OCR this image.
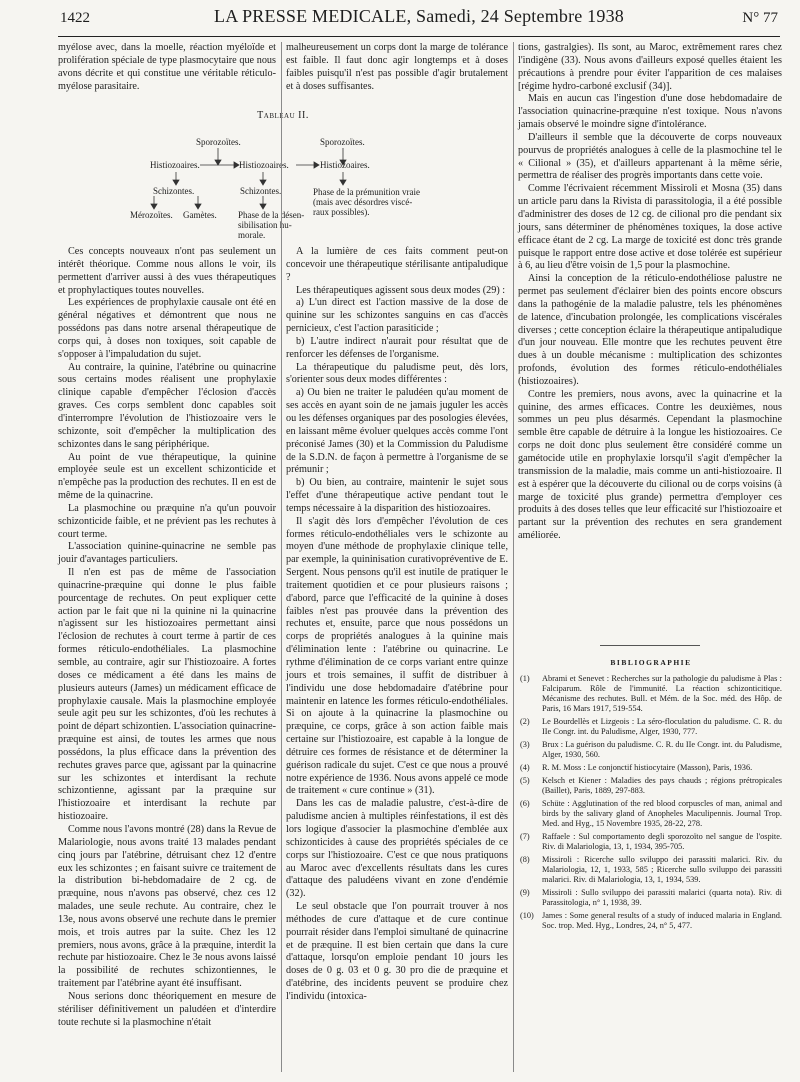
1422	LA PRESSE MEDICALE, Samedi, 24 Septembre 1938	N° 77

myélose avec, dans la moelle, réaction myéloïde et prolifération spéciale de type plasmocytaire que nous avons décrite et qui constitue une véritable réticulo-myélose parasitaire.

malheureusement un corps dont la marge de tolérance est faible. Il faut donc agir longtemps et à doses faibles puisqu'il n'est pas possible d'agir brutalement et à doses suffisantes.

Tableau II.
Sporozoïtes.	Sporozoïtes.
Histiozoaires.	Histiozoaires.	Histiozoaires.
Schizontes.	Schizontes.
Mérozoïtes. Gamètes. Phase de la désen-
sibilisation hu-
morale.
Phase de la prémunition vraie
(mais avec désordres viscé-
raux possibles).

Ces concepts nouveaux n'ont pas seulement un intérêt théorique. Comme nous allons le voir, ils permettent d'arriver aussi à des vues thérapeutiques et prophylactiques toutes nouvelles.

Les expériences de prophylaxie causale ont été en général négatives et démontrent que nous ne possédons pas dans notre arsenal thérapeutique de corps qui, à doses non toxiques, soit capable de s'opposer à l'impaludation du sujet.

Au contraire, la quinine, l'atébrine ou quinacrine sous certains modes réalisent une prophylaxie clinique capable d'empêcher l'éclosion d'accès graves. Ces corps semblent donc capables soit d'interrompre l'évolution de l'histiozoaire vers le schizonte, soit d'empêcher la multiplication des schizontes dans le sang périphérique.

Au point de vue thérapeutique, la quinine employée seule est un excellent schizonticide et n'empêche pas la production des rechutes. Il en est de même de la quinacrine.

La plasmochine ou præquine n'a qu'un pouvoir schizonticide faible, et ne prévient pas les rechutes à court terme.

L'association quinine-quinacrine ne semble pas jouir d'avantages particuliers.

Il n'en est pas de même de l'association quinacrine-præquine qui donne le plus faible pourcentage de rechutes. On peut expliquer cette action par le fait que ni la quinine ni la quinacrine n'agissent sur les histiozoaires permettant ainsi l'éclosion de rechutes à court terme à partir de ces formes réticulo-endothéliales. La plasmochine semble, au contraire, agir sur l'histiozoaire. A fortes doses ce médicament a été dans les mains de plusieurs auteurs (James) un médicament efficace de prophylaxie causale. Mais la plasmochine employée seule agit peu sur les schizontes, d'où les rechutes à point de départ schizontien. L'association quinacrine-præquine est ainsi, de toutes les armes que nous possédons, la plus efficace dans la prévention des rechutes graves parce que, agissant par la quinacrine sur les schizontes et interdisant la rechute schizontienne, agissant par la præquine sur l'histiozoaire et interdisant la rechute par histiozoaire.

Comme nous l'avons montré (28) dans la Revue de Malariologie, nous avons traité 13 malades pendant cinq jours par l'atébrine, détruisant chez 12 d'entre eux les schizontes ; en faisant suivre ce traitement de la distribution bi-hebdomadaire de 2 cg. de præquine, nous n'avons pas observé, chez ces 12 malades, une seule rechute. Au contraire, chez le 13e, nous avons observé une rechute dans le premier mois, et trois autres par la suite. Chez les 12 premiers, nous avons, grâce à la præquine, interdit la rechute par histiozoaire. Chez le 3e nous avons laissé la possibilité de rechutes schizontiennes, le traitement par l'atébrine ayant été insuffisant.

Nous serions donc théoriquement en mesure de stériliser définitivement un paludéen et d'interdire toute rechute si la plasmochine n'était

A la lumière de ces faits comment peut-on concevoir une thérapeutique stérilisante antipaludique ?

Les thérapeutiques agissent sous deux modes (29) :

a) L'un direct est l'action massive de la dose de quinine sur les schizontes sanguins en cas d'accès pernicieux, c'est l'action parasiticide ;

b) L'autre indirect n'aurait pour résultat que de renforcer les défenses de l'organisme.

La thérapeutique du paludisme peut, dès lors, s'orienter sous deux modes différentes :

a) Ou bien ne traiter le paludéen qu'au moment de ses accès en ayant soin de ne jamais juguler les accès ou les défenses organiques par des posologies élevées, en laissant même évoluer quelques accès comme l'ont préconisé James (30) et la Commission du Paludisme de la S.D.N. de façon à permettre à l'organisme de se prémunir ;

b) Ou bien, au contraire, maintenir le sujet sous l'effet d'une thérapeutique active pendant tout le temps nécessaire à la disparition des histiozoaires.

Il s'agit dès lors d'empêcher l'évolution de ces formes réticulo-endothéliales vers le schizonte au moyen d'une méthode de prophylaxie clinique telle, par exemple, la quininisation curativopréventive de E. Sergent. Nous pensons qu'il est inutile de pratiquer le traitement quotidien et ce pour plusieurs raisons ; d'abord, parce que l'efficacité de la quinine à doses faibles n'est pas prouvée dans la prévention des rechutes et, ensuite, parce que nous possédons un corps de propriétés analogues à la quinine mais d'élimination lente : l'atébrine ou quinacrine. Le rythme d'élimination de ce corps variant entre quinze jours et trois semaines, il suffit de distribuer à l'individu une dose hebdomadaire d'atébrine pour maintenir en latence les formes réticulo-endothéliales. Si on ajoute à la quinacrine la plasmochine ou præquine, ce corps, grâce à son action faible mais certaine sur l'histiozoaire, est capable à la longue de détruire ces formes de résistance et de déterminer la guérison radicale du sujet. C'est ce que nous a prouvé notre expérience de 1936. Nous avons appelé ce mode de traitement « cure continue » (31).

Dans les cas de maladie palustre, c'est-à-dire de paludisme ancien à multiples réinfestations, il est dès lors logique d'associer la plasmochine d'emblée aux schizonticides à cause des propriétés spéciales de ce corps sur l'histiozoaire. C'est ce que nous pratiquons au Maroc avec d'excellents résultats dans les cures d'attaque des paludéens vivant en zone d'endémie (32).

Le seul obstacle que l'on pourrait trouver à nos méthodes de cure d'attaque et de cure continue pourrait résider dans l'emploi simultané de quinacrine et de præquine. Il est bien certain que dans la cure d'attaque, lorsqu'on emploie pendant 10 jours les doses de 0 g. 03 et 0 g. 30 pro die de præquine et d'atébrine, des incidents peuvent se produire chez l'individu (intoxica-

tions, gastralgies). Ils sont, au Maroc, extrêmement rares chez l'indigène (33). Nous avons d'ailleurs exposé quelles étaient les précautions à prendre pour éviter l'apparition de ces malaises [régime hydro-carboné exclusif (34)].

Mais en aucun cas l'ingestion d'une dose hebdomadaire de l'association quinacrine-præquine n'est toxique. Nous n'avons jamais observé le moindre signe d'intolérance.

D'ailleurs il semble que la découverte de corps nouveaux pourvus de propriétés analogues à celle de la plasmochine tel le « Cilional » (35), et d'ailleurs appartenant à la même série, permettra de réaliser des progrès importants dans cette voie.

Comme l'écrivaient récemment Missiroli et Mosna (35) dans un article paru dans la Rivista di parassitologia, il a été possible d'administrer des doses de 12 cg. de cilional pro die pendant six jours, sans déterminer de phénomènes toxiques, la dose active efficace étant de 2 cg. La marge de toxicité est donc très grande puisque le rapport entre dose active et dose tolérée est supérieur à 6, au lieu d'être voisin de 1,5 pour la plasmochine.

Ainsi la conception de la réticulo-endothéliose palustre ne permet pas seulement d'éclairer bien des points encore obscurs dans la pathogénie de la maladie palustre, tels les phénomènes de latence, d'incubation prolongée, les complications viscérales diverses ; cette conception éclaire la thérapeutique antipaludique d'un jour nouveau. Elle montre que les rechutes peuvent être dues à un double mécanisme : multiplication des schizontes profonds, évolution des formes réticulo-endothéliales (histiozoaires).

Contre les premiers, nous avons, avec la quinacrine et la quinine, des armes efficaces. Contre les deuxièmes, nous sommes un peu plus désarmés. Cependant la plasmochine semble être capable de détruire à la longue les histiozoaires. Ce corps ne doit donc plus seulement être considéré comme un gamétocide utile en prophylaxie lorsqu'il s'agit d'empêcher la transmission de la maladie, mais comme un anti-histiozoaire. Il est à espérer que la découverte du cilional ou de corps voisins (à marge de toxicité plus grande) permettra d'employer ces produits à des doses telles que leur efficacité sur l'histiozoaire et partant sur la prévention des rechutes en sera grandement améliorée.

BIBLIOGRAPHIE
(1)	Abrami et Senevet : Recherches sur la pathologie du paludisme à Plas : Falciparum. Rôle de l'immunité. La réaction schizonticitique. Mécanisme des rechutes. Bull. et Mém. de la Soc. méd. des Hôp. de Paris, 16 Mars 1917, 519-554.
(2)	Le Bourdellès et Lizgeois : La séro-floculation du paludisme. C. R. du IIe Congr. int. du Paludisme, Alger, 1930, 777.
(3)	Brux : La guérison du paludisme. C. R. du IIe Congr. int. du Paludisme, Alger, 1930, 560.
(4)	R. M. Moss : Le conjonctif histiocytaire (Masson), Paris, 1936.
(5)	Kelsch et Kiener : Maladies des pays chauds ; régions prétropicales (Baillet), Paris, 1889, 297-883.
(6)	Schüte : Agglutination of the red blood corpuscles of man, animal and birds by the salivary gland of Anopheles Maculipennis. Journal Trop. Med. and Hyg., 15 Novembre 1935, 28-22, 278.
(7)	Raffaele : Sul comportamento degli sporozoïto nel sangue de l'ospite. Riv. di Malariologia, 13, 1, 1934, 395-705.
(8)	Missiroli : Ricerche sullo sviluppo dei parassiti malarici. Riv. du Malariologia, 12, 1, 1933, 585 ; Ricerche sullo sviluppo dei parassiti malarici. Riv. di Malariologia, 13, 1, 1934, 539.
(9)	Missiroli : Sullo sviluppo dei parassiti malarici (quarta nota). Riv. di Parassitologia, n° 1, 1938, 39.
(10) James : Some general results of a study of induced malaria in England. Soc. trop. Med. Hyg., Londres, 24, n° 5, 477.
